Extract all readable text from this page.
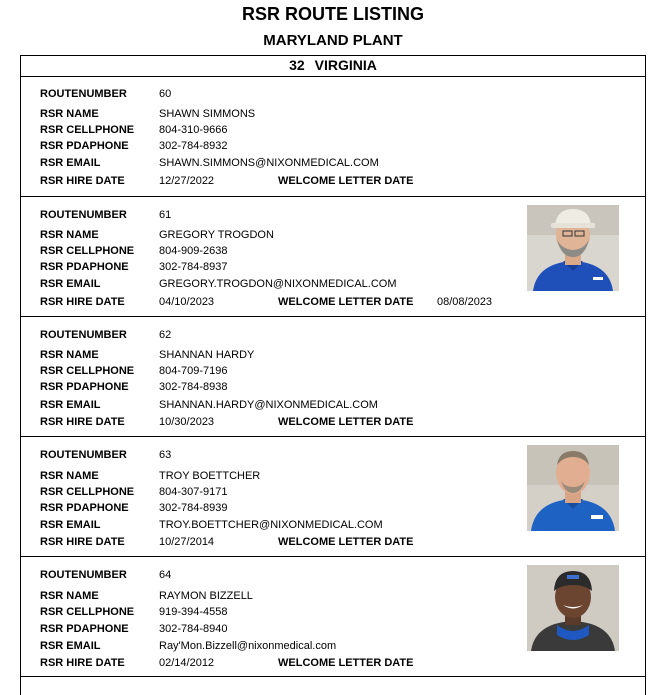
RSR ROUTE LISTING
MARYLAND PLANT
32 VIRGINIA
ROUTENUMBER	60
RSR NAME	SHAWN SIMMONS
RSR CELLPHONE 804-310-9666
RSR PDAPHONE	302-784-8932
RSR EMAIL	SHAWN.SIMMONS@NIXONMEDICAL.COM
RSR HIRE DATE	12/27/2022	WELCOME LETTER DATE
ROUTENUMBER	61
RSR NAME	GREGORY TROGDON
RSR CELLPHONE 804-909-2638
RSR PDAPHONE	302-784-8937
RSR EMAIL	GREGORY.TROGDON@NIXONMEDICAL.COM
RSR HIRE DATE	04/10/2023	WELCOME LETTER DATE 08/08/2023
ROUTENUMBER	62
RSR NAME	SHANNAN HARDY
RSR CELLPHONE 804-709-7196
RSR PDAPHONE	302-784-8938
RSR EMAIL	SHANNAN.HARDY@NIXONMEDICAL.COM
RSR HIRE DATE	10/30/2023	WELCOME LETTER DATE
ROUTENUMBER	63
RSR NAME	TROY BOETTCHER
RSR CELLPHONE 804-307-9171
RSR PDAPHONE	302-784-8939
RSR EMAIL	TROY.BOETTCHER@NIXONMEDICAL.COM
RSR HIRE DATE	10/27/2014	WELCOME LETTER DATE
ROUTENUMBER	64
RSR NAME	RAYMON BIZZELL
RSR CELLPHONE 919-394-4558
RSR PDAPHONE	302-784-8940
RSR EMAIL	Ray'Mon.Bizzell@nixonmedical.com
RSR HIRE DATE	02/14/2012	WELCOME LETTER DATE
